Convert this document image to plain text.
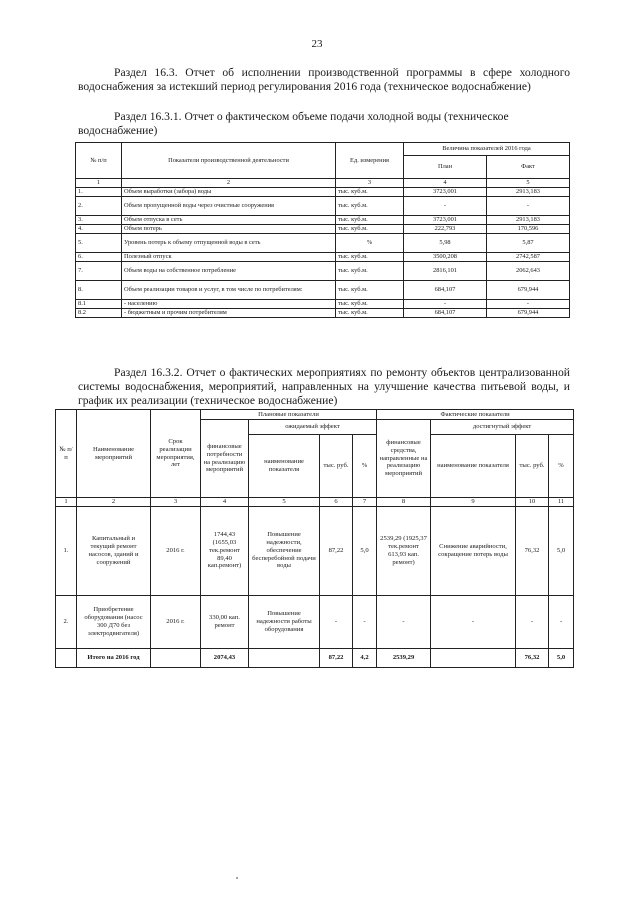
23

Раздел 16.3. Отчет об исполнении производственной программы в сфере холодного водоснабжения за истекший период регулирования 2016 года (техническое водоснабжение)

Раздел 16.3.1. Отчет о фактическом объеме подачи холодной воды (техническое водоснабжение)

№ п/п	Показатели производственной деятельности	Ед. измерения	Величина показателей 2016 года	
			План	Факт
1	2	3	4	5
1.	Объем выработки (забора) воды	тыс. куб.м.	3723,001	2913,183
2.	Объем пропущенной воды через очистные сооружения	тыс. куб.м.	-	-
3.	Объем отпуска в сеть	тыс. куб.м.	3723,001	2913,183
4.	Объем потерь	тыс. куб.м.	222,793	170,596
5.	Уровень потерь к объему отпущенной воды в сеть	%	5,98	5,87
6.	Полезный отпуск	тыс. куб.м.	3500,208	2742,587
7.	Объем воды на собственное потребление	тыс. куб.м.	2816,101	2062,643
8.	Объем реализации товаров и услуг, в том числе по потребителям:	тыс. куб.м.	684,107	679,944
8.1	- населению	тыс. куб.м.	-	-
8.2	- бюджетным и прочим потребителям	тыс. куб.м.	684,107	679,944

Раздел 16.3.2. Отчет о фактических мероприятиях по ремонту объектов централизованной системы водоснабжения, мероприятий, направленных на улучшение качества питьевой воды, и график их реализации (техническое водоснабжение)

№ п/ п	Наименование мероприятий	Срок реализации мероприятия, лет	Плановые показатели				Фактические показатели			
			финансовые потребности на реализацию мероприятий	ожидаемый эффект			финансовые средства, направленные на реализацию мероприятий	достигнутый эффект		
				наименование показателя	тыс. руб.	%		наименование показателя	тыс. руб.	%
1	2	3	4	5	6	7	8	9	10	11
1.	Капитальный и текущий ремонт насосов, зданий и сооружений	2016 г.	1744,43 (1655,03 тек.ремонт 89,40 кап.ремонт)	Повышение надежности, обеспечение бесперебойной подачи воды	87,22	5,0	2539,29 (1925,37 тек.ремонт 613,93 кап. ремонт)	Снижение аварийности, сокращение потерь воды	76,32	5,0
2.	Приобретение оборудования (насос 300 Д70 без электродвигателя)	2016 г.	330,00 кап. ремонт	Повышение надежности работы оборудования	-	-	-	-	-	-
	Итого на 2016 год		2074,43		87,22	4,2	2539,29		76,32	5,0
